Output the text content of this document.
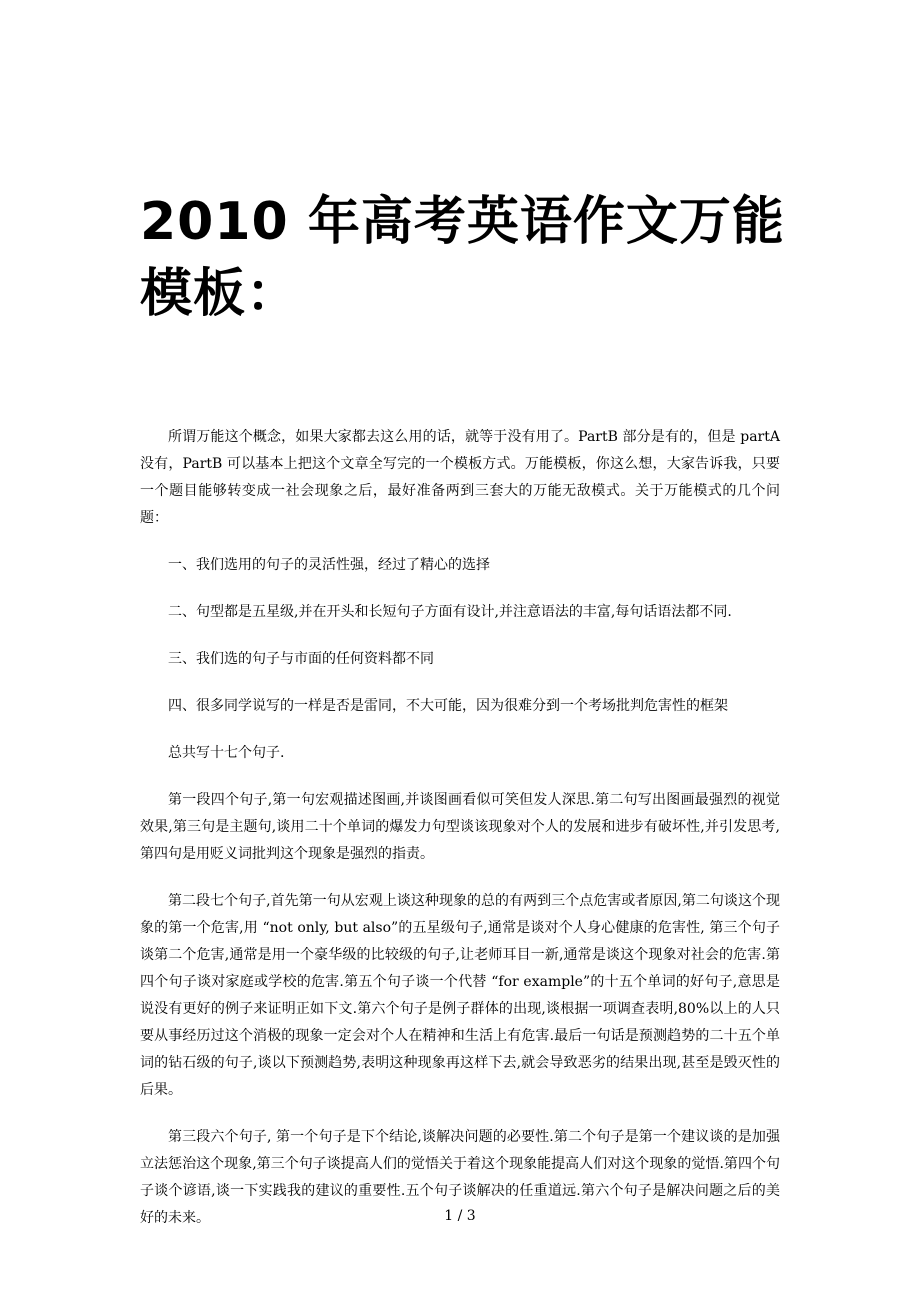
2010 年高考英语作文万能模板：

所谓万能这个概念，如果大家都去这么用的话，就等于没有用了。PartB 部分是有的，但是 partA 没有，PartB 可以基本上把这个文章全写完的一个模板方式。万能模板，你这么想，大家告诉我，只要一个题目能够转变成一社会现象之后，最好准备两到三套大的万能无敌模式。关于万能模式的几个问题：

一、我们选用的句子的灵活性强，经过了精心的选择

二、句型都是五星级,并在开头和长短句子方面有设计,并注意语法的丰富,每句话语法都不同.

三、我们选的句子与市面的任何资料都不同

四、很多同学说写的一样是否是雷同，不大可能，因为很难分到一个考场批判危害性的框架

总共写十七个句子.

第一段四个句子,第一句宏观描述图画,并谈图画看似可笑但发人深思.第二句写出图画最强烈的视觉效果,第三句是主题句,谈用二十个单词的爆发力句型谈该现象对个人的发展和进步有破坏性,并引发思考,第四句是用贬义词批判这个现象是强烈的指责。

第二段七个句子,首先第一句从宏观上谈这种现象的总的有两到三个点危害或者原因,第二句谈这个现象的第一个危害,用 “not only, but also”的五星级句子,通常是谈对个人身心健康的危害性, 第三个句子谈第二个危害,通常是用一个豪华级的比较级的句子,让老师耳目一新,通常是谈这个现象对社会的危害.第四个句子谈对家庭或学校的危害.第五个句子谈一个代替 “for example”的十五个单词的好句子,意思是说没有更好的例子来证明正如下文.第六个句子是例子群体的出现,谈根据一项调查表明,80%以上的人只要从事经历过这个消极的现象一定会对个人在精神和生活上有危害.最后一句话是预测趋势的二十五个单词的钻石级的句子,谈以下预测趋势,表明这种现象再这样下去,就会导致恶劣的结果出现,甚至是毁灭性的后果。

第三段六个句子, 第一个句子是下个结论,谈解决问题的必要性.第二个句子是第一个建议谈的是加强立法惩治这个现象,第三个句子谈提高人们的觉悟关于着这个现象能提高人们对这个现象的觉悟.第四个句子谈个谚语,谈一下实践我的建议的重要性.五个句子谈解决的任重道远.第六个句子是解决问题之后的美好的未来。	1 / 3
